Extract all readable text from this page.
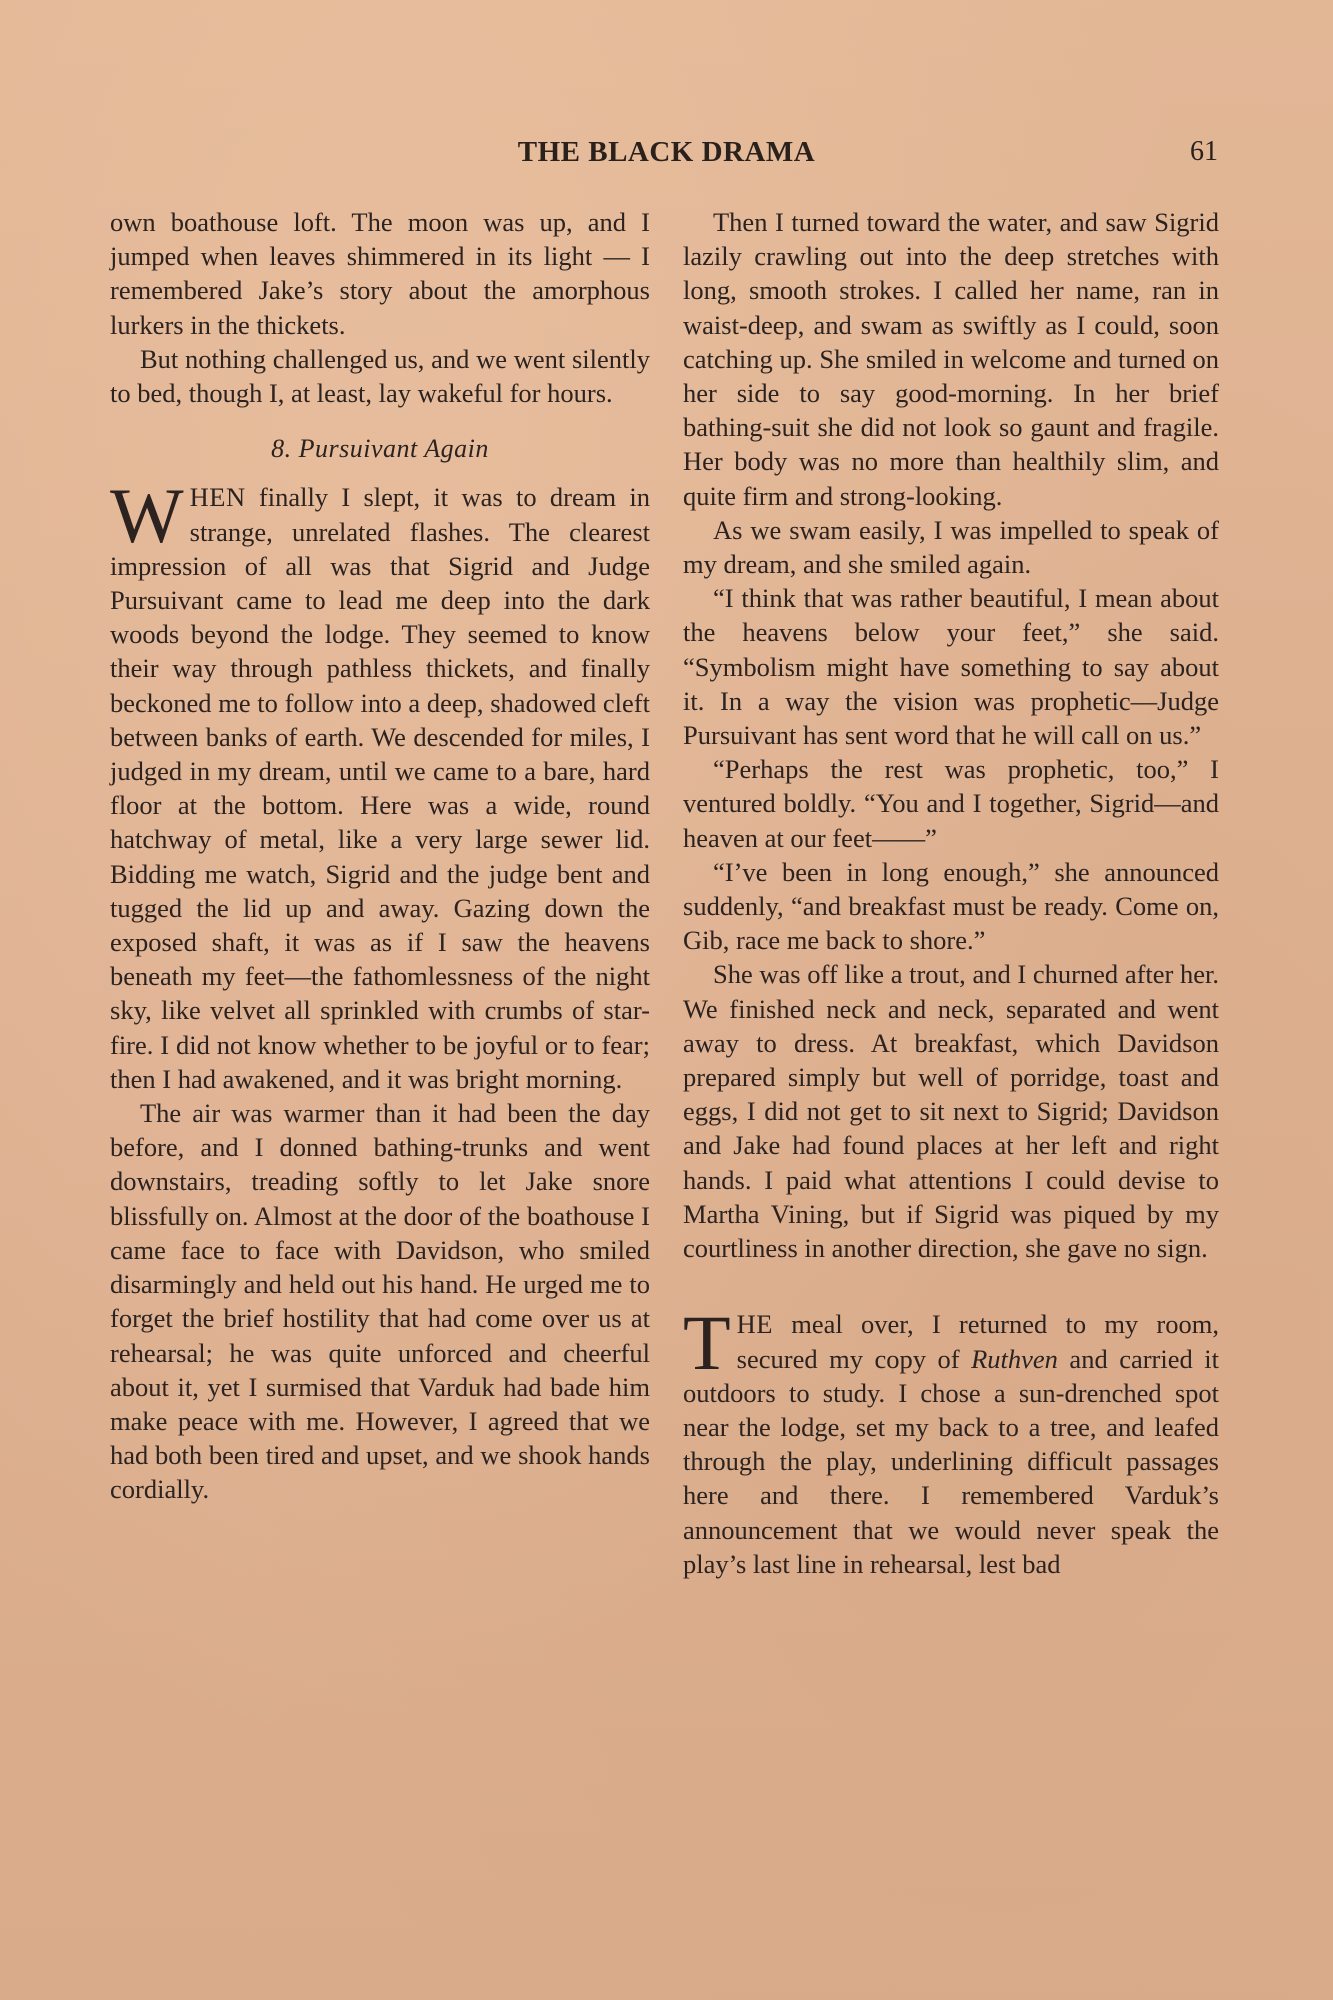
THE BLACK DRAMA	61

own boathouse loft. The moon was up, and I jumped when leaves shimmered in its light — I remembered Jake’s story about the amorphous lurkers in the thickets.

But nothing challenged us, and we went silently to bed, though I, at least, lay wakeful for hours.

8. Pursuivant Again

WHEN finally I slept, it was to dream in strange, unrelated flashes. The clearest impression of all was that Sigrid and Judge Pursuivant came to lead me deep into the dark woods beyond the lodge. They seemed to know their way through pathless thickets, and finally beckoned me to follow into a deep, shadowed cleft between banks of earth. We descended for miles, I judged in my dream, until we came to a bare, hard floor at the bottom. Here was a wide, round hatchway of metal, like a very large sewer lid. Bidding me watch, Sigrid and the judge bent and tugged the lid up and away. Gazing down the exposed shaft, it was as if I saw the heavens beneath my feet—the fathomlessness of the night sky, like velvet all sprinkled with crumbs of star-fire. I did not know whether to be joyful or to fear; then I had awakened, and it was bright morning.

The air was warmer than it had been the day before, and I donned bathing-trunks and went downstairs, treading softly to let Jake snore blissfully on. Almost at the door of the boathouse I came face to face with Davidson, who smiled disarmingly and held out his hand. He urged me to forget the brief hostility that had come over us at rehearsal; he was quite unforced and cheerful about it, yet I surmised that Varduk had bade him make peace with me. However, I agreed that we had both been tired and upset, and we shook hands cordially.

Then I turned toward the water, and saw Sigrid lazily crawling out into the deep stretches with long, smooth strokes. I called her name, ran in waist-deep, and swam as swiftly as I could, soon catching up. She smiled in welcome and turned on her side to say good-morning. In her brief bathing-suit she did not look so gaunt and fragile. Her body was no more than healthily slim, and quite firm and strong-looking.

As we swam easily, I was impelled to speak of my dream, and she smiled again.

“I think that was rather beautiful, I mean about the heavens below your feet,” she said. “Symbolism might have something to say about it. In a way the vision was prophetic—Judge Pursuivant has sent word that he will call on us.”

“Perhaps the rest was prophetic, too,” I ventured boldly. “You and I together, Sigrid—and heaven at our feet——”

“I’ve been in long enough,” she announced suddenly, “and breakfast must be ready. Come on, Gib, race me back to shore.”

She was off like a trout, and I churned after her. We finished neck and neck, separated and went away to dress. At breakfast, which Davidson prepared simply but well of porridge, toast and eggs, I did not get to sit next to Sigrid; Davidson and Jake had found places at her left and right hands. I paid what attentions I could devise to Martha Vining, but if Sigrid was piqued by my courtliness in another direction, she gave no sign.

THE meal over, I returned to my room, secured my copy of Ruthven and carried it outdoors to study. I chose a sun-drenched spot near the lodge, set my back to a tree, and leafed through the play, underlining difficult passages here and there. I remembered Varduk’s announcement that we would never speak the play’s last line in rehearsal, lest bad
